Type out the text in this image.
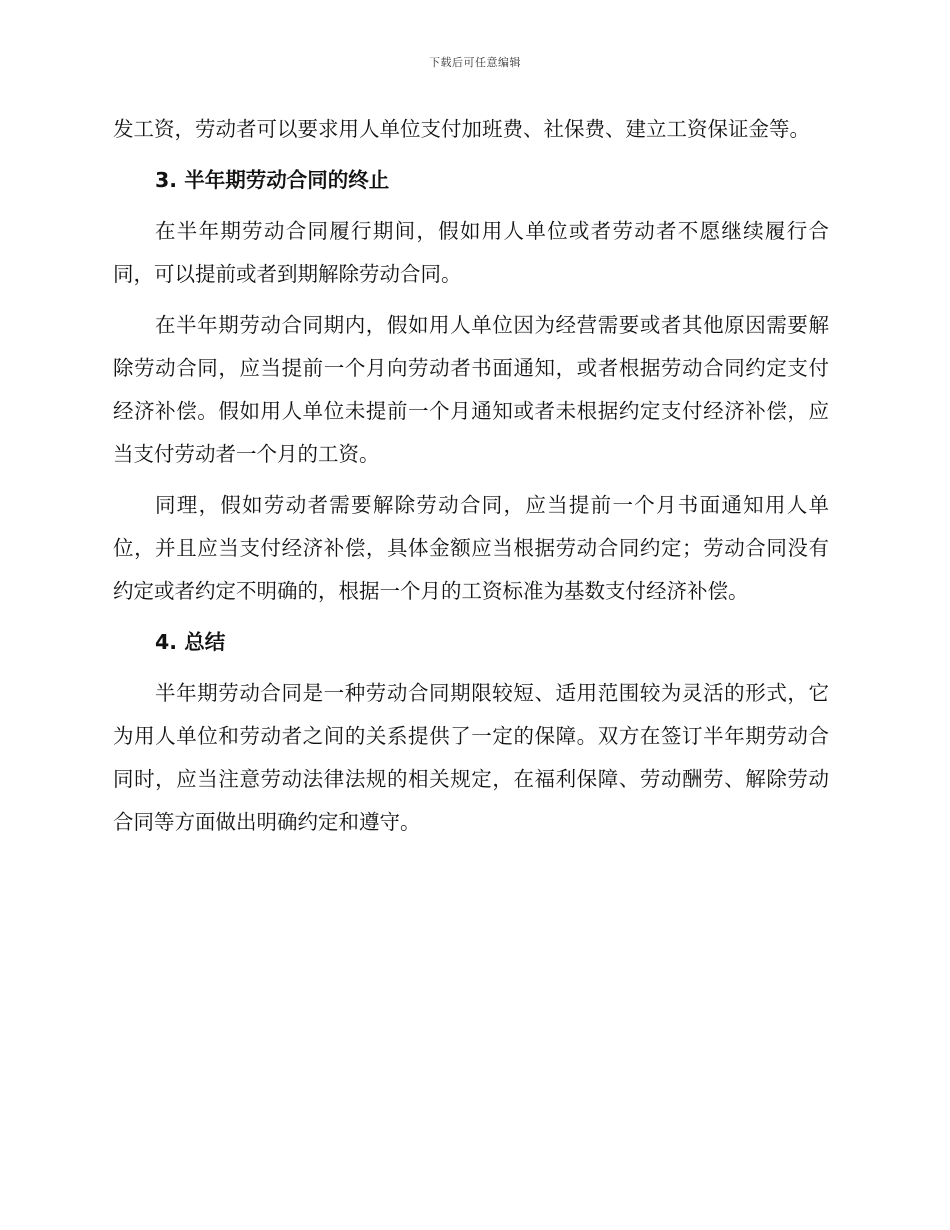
下载后可任意编辑

发工资，劳动者可以要求用人单位支付加班费、社保费、建立工资保证金等。

3. 半年期劳动合同的终止

在半年期劳动合同履行期间，假如用人单位或者劳动者不愿继续履行合同，可以提前或者到期解除劳动合同。

在半年期劳动合同期内，假如用人单位因为经营需要或者其他原因需要解除劳动合同，应当提前一个月向劳动者书面通知，或者根据劳动合同约定支付经济补偿。假如用人单位未提前一个月通知或者未根据约定支付经济补偿，应当支付劳动者一个月的工资。

同理，假如劳动者需要解除劳动合同，应当提前一个月书面通知用人单位，并且应当支付经济补偿，具体金额应当根据劳动合同约定；劳动合同没有约定或者约定不明确的，根据一个月的工资标准为基数支付经济补偿。

4. 总结

半年期劳动合同是一种劳动合同期限较短、适用范围较为灵活的形式，它为用人单位和劳动者之间的关系提供了一定的保障。双方在签订半年期劳动合同时，应当注意劳动法律法规的相关规定，在福利保障、劳动酬劳、解除劳动合同等方面做出明确约定和遵守。
